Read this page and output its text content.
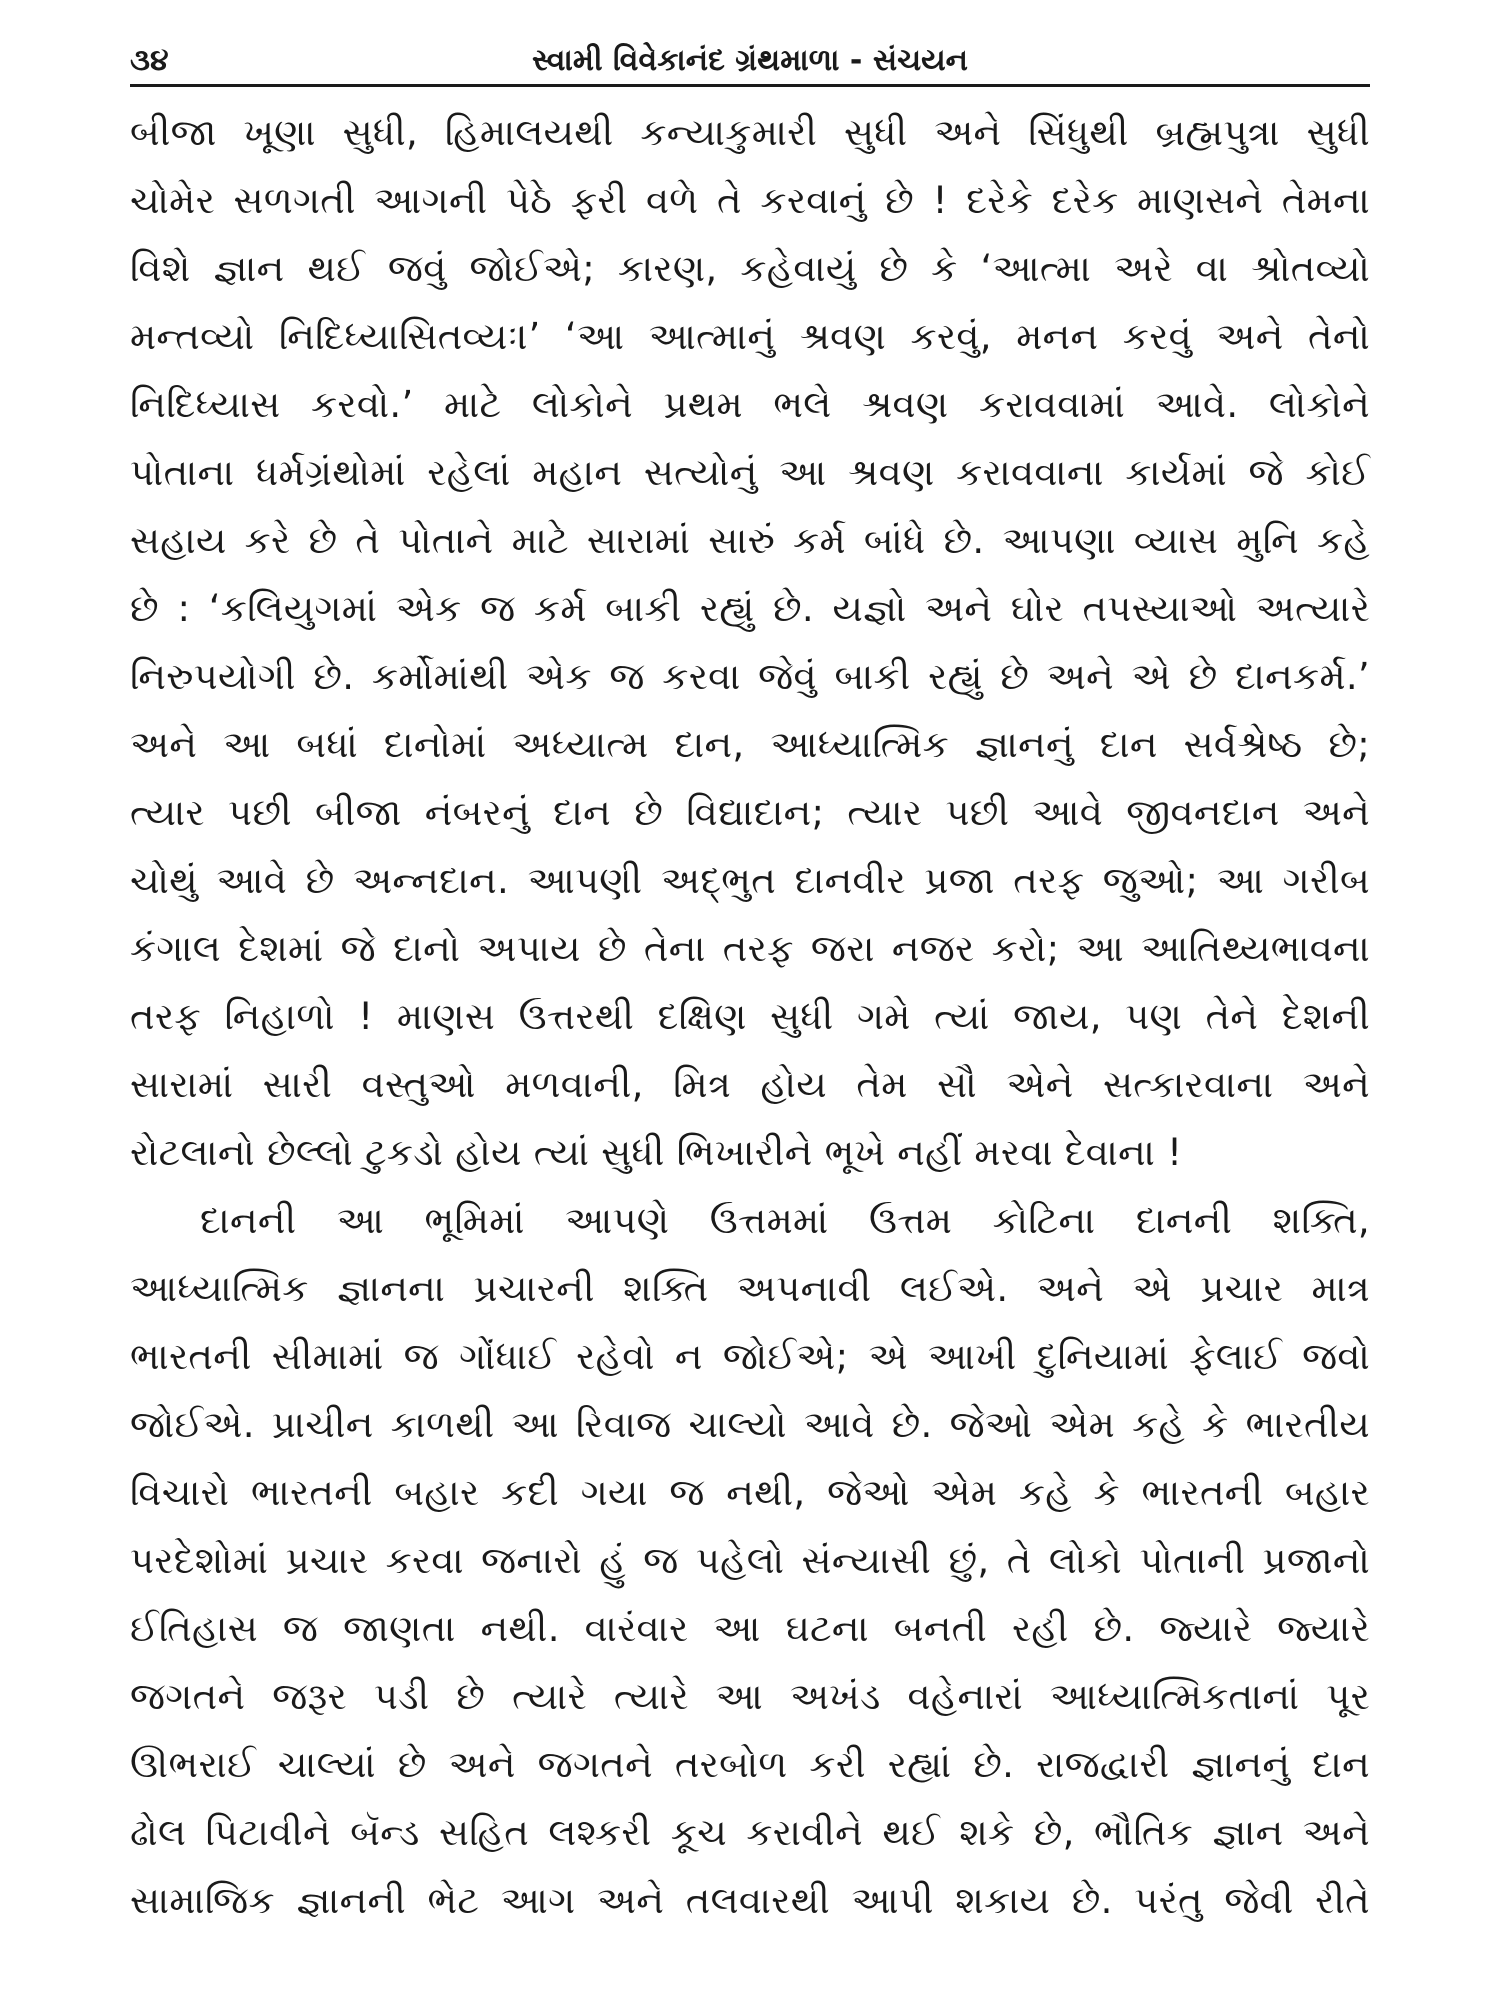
૩૪	સ્વામી વિવેકાનંદ ગ્રંથમાળા - સંચયન
બીજા ખૂણા સુધી, હિમાલયથી કન્યાકુમારી સુધી અને સિંધુથી બ્રહ્મપુત્રા સુધી
ચોમેર સળગતી આગની પેઠે ફરી વળે તે કરવાનું છે ! દરેકે દરેક માણસને તેમના
વિશે જ્ઞાન થઈ જવું જોઈએ; કારણ, કહેવાયું છે કે ‘આત્મા અરે વા શ્રોતવ્યો
મન્તવ્યો નિદિધ્યાસિતવ્યઃ।’ ‘આ આત્માનું શ્રવણ કરવું, મનન કરવું અને તેનો
નિદિધ્યાસ કરવો.’ માટે લોકોને પ્રથમ ભલે શ્રવણ કરાવવામાં આવે. લોકોને
પોતાના ધર્મગ્રંથોમાં રહેલાં મહાન સત્યોનું આ શ્રવણ કરાવવાના કાર્યમાં જે કોઈ
સહાય કરે છે તે પોતાને માટે સારામાં સારું કર્મ બાંધે છે. આપણા વ્યાસ મુનિ કહે
છે : ‘કલિયુગમાં એક જ કર્મ બાકી રહ્યું છે. યજ્ઞો અને ઘોર તપસ્યાઓ અત્યારે
નિરુપયોગી છે. કર્મોમાંથી એક જ કરવા જેવું બાકી રહ્યું છે અને એ છે દાનકર્મ.’
અને આ બધાં દાનોમાં અધ્યાત્મ દાન, આધ્યાત્મિક જ્ઞાનનું દાન સર્વશ્રેષ્ઠ છે;
ત્યાર પછી બીજા નંબરનું દાન છે વિદ્યાદાન; ત્યાર પછી આવે જીવનદાન અને
ચોથું આવે છે અન્નદાન. આપણી અદ્ભુત દાનવીર પ્રજા તરફ જુઓ; આ ગરીબ
કંગાલ દેશમાં જે દાનો અપાય છે તેના તરફ જરા નજર કરો; આ આતિથ્યભાવના
તરફ નિહાળો ! માણસ ઉત્તરથી દક્ષિણ સુધી ગમે ત્યાં જાય, પણ તેને દેશની
સારામાં સારી વસ્તુઓ મળવાની, મિત્ર હોય તેમ સૌ એને સત્કારવાના અને
રોટલાનો છેલ્લો ટુકડો હોય ત્યાં સુધી ભિખારીને ભૂખે નહીં મરવા દેવાના !
દાનની આ ભૂમિમાં આપણે ઉત્તમમાં ઉત્તમ કોટિના દાનની શક્તિ,
આધ્યાત્મિક જ્ઞાનના પ્રચારની શક્તિ અપનાવી લઈએ. અને એ પ્રચાર માત્ર
ભારતની સીમામાં જ ગોંધાઈ રહેવો ન જોઈએ; એ આખી દુનિયામાં ફેલાઈ જવો
જોઈએ. પ્રાચીન કાળથી આ રિવાજ ચાલ્યો આવે છે. જેઓ એમ કહે કે ભારતીય
વિચારો ભારતની બહાર કદી ગયા જ નથી, જેઓ એમ કહે કે ભારતની બહાર
પરદેશોમાં પ્રચાર કરવા જનારો હું જ પહેલો સંન્યાસી છું, તે લોકો પોતાની પ્રજાનો
ઈતિહાસ જ જાણતા નથી. વારંવાર આ ઘટના બનતી રહી છે. જ્યારે જ્યારે
જગતને જરૂર પડી છે ત્યારે ત્યારે આ અખંડ વહેનારાં આધ્યાત્મિકતાનાં પૂર
ઊભરાઈ ચાલ્યાં છે અને જગતને તરબોળ કરી રહ્યાં છે. રાજદ્વારી જ્ઞાનનું દાન
ઢોલ પિટાવીને બૅન્ડ સહિત લશ્કરી કૂચ કરાવીને થઈ શકે છે, ભૌતિક જ્ઞાન અને
સામાજિક જ્ઞાનની ભેટ આગ અને તલવારથી આપી શકાય છે. પરંતુ જેવી રીતે
